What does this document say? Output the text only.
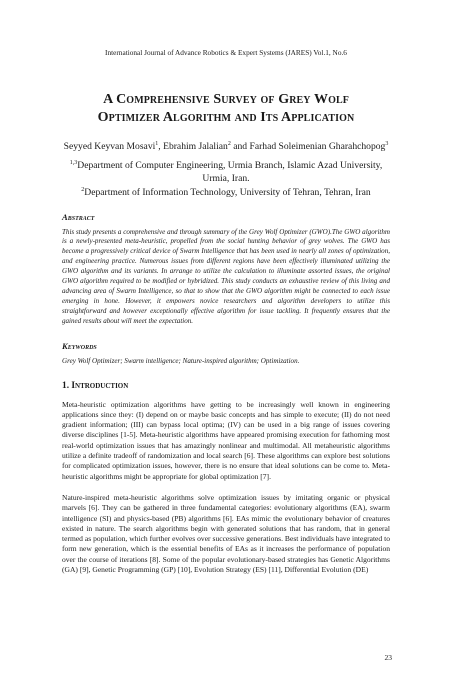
International Journal of Advance Robotics & Expert Systems (JARES) Vol.1, No.6
A Comprehensive Survey of Grey Wolf
Optimizer Algorithm and Its Application
Seyyed Keyvan Mosavi$^1$, Ebrahim Jalalian$^2$ and Farhad Soleimenian Gharahchopog$^3$
$^{1,3}$Department of Computer Engineering, Urmia Branch, Islamic Azad University, Urmia, Iran.
$^2$Department of Information Technology, University of Tehran, Tehran, Iran
Abstract
This study presents a comprehensive and through summary of the Grey Wolf Optimizer (GWO).The GWO algorithm is a newly-presented meta-heuristic, propelled from the social hunting behavior of grey wolves. The GWO has become a progressively critical device of Swarm Intelligence that has been used in nearly all zones of optimization, and engineering practice. Numerous issues from different regions have been effectively illuminated utilizing the GWO algorithm and its variants. In arrange to utilize the calculation to illuminate assorted issues, the original GWO algorithm required to be modified or hybridized. This study conducts an exhaustive review of this living and advancing area of Swarm Intelligence, so that to show that the GWO algorithm might be connected to each issue emerging in hone. However, it empowers novice researchers and algorithm developers to utilize this straightforward and however exceptionally effective algorithm for issue tackling. It frequently ensures that the gained results about will meet the expectation.
Keywords
Grey Wolf Optimizer; Swarm intelligence; Nature-inspired algorithm; Optimization.
1. Introduction
Meta-heuristic optimization algorithms have getting to be increasingly well known in engineering applications since they: (I) depend on or maybe basic concepts and has simple to execute; (II) do not need gradient information; (III) can bypass local optima; (IV) can be used in a big range of issues covering diverse disciplines [1-5]. Meta-heuristic algorithms have appeared promising execution for fathoming most real-world optimization issues that has amazingly nonlinear and multimodal. All metaheuristic algorithms utilize a definite tradeoff of randomization and local search [6]. These algorithms can explore best solutions for complicated optimization issues, however, there is no ensure that ideal solutions can be come to. Meta-heuristic algorithms might be appropriate for global optimization [7].
Nature-inspired meta-heuristic algorithms solve optimization issues by imitating organic or physical marvels [6]. They can be gathered in three fundamental categories: evolutionary algorithms (EA), swarm intelligence (SI) and physics-based (PB) algorithms [6]. EAs mimic the evolutionary behavior of creatures existed in nature. The search algorithms begin with generated solutions that has random, that in general termed as population, which further evolves over successive generations. Best individuals have integrated to form new generation, which is the essential benefits of EAs as it increases the performance of population over the course of iterations [8]. Some of the popular evolutionary-based strategies has Genetic Algorithms (GA) [9], Genetic Programming (GP) [10], Evolution Strategy (ES) [11], Differential Evolution (DE)
23
